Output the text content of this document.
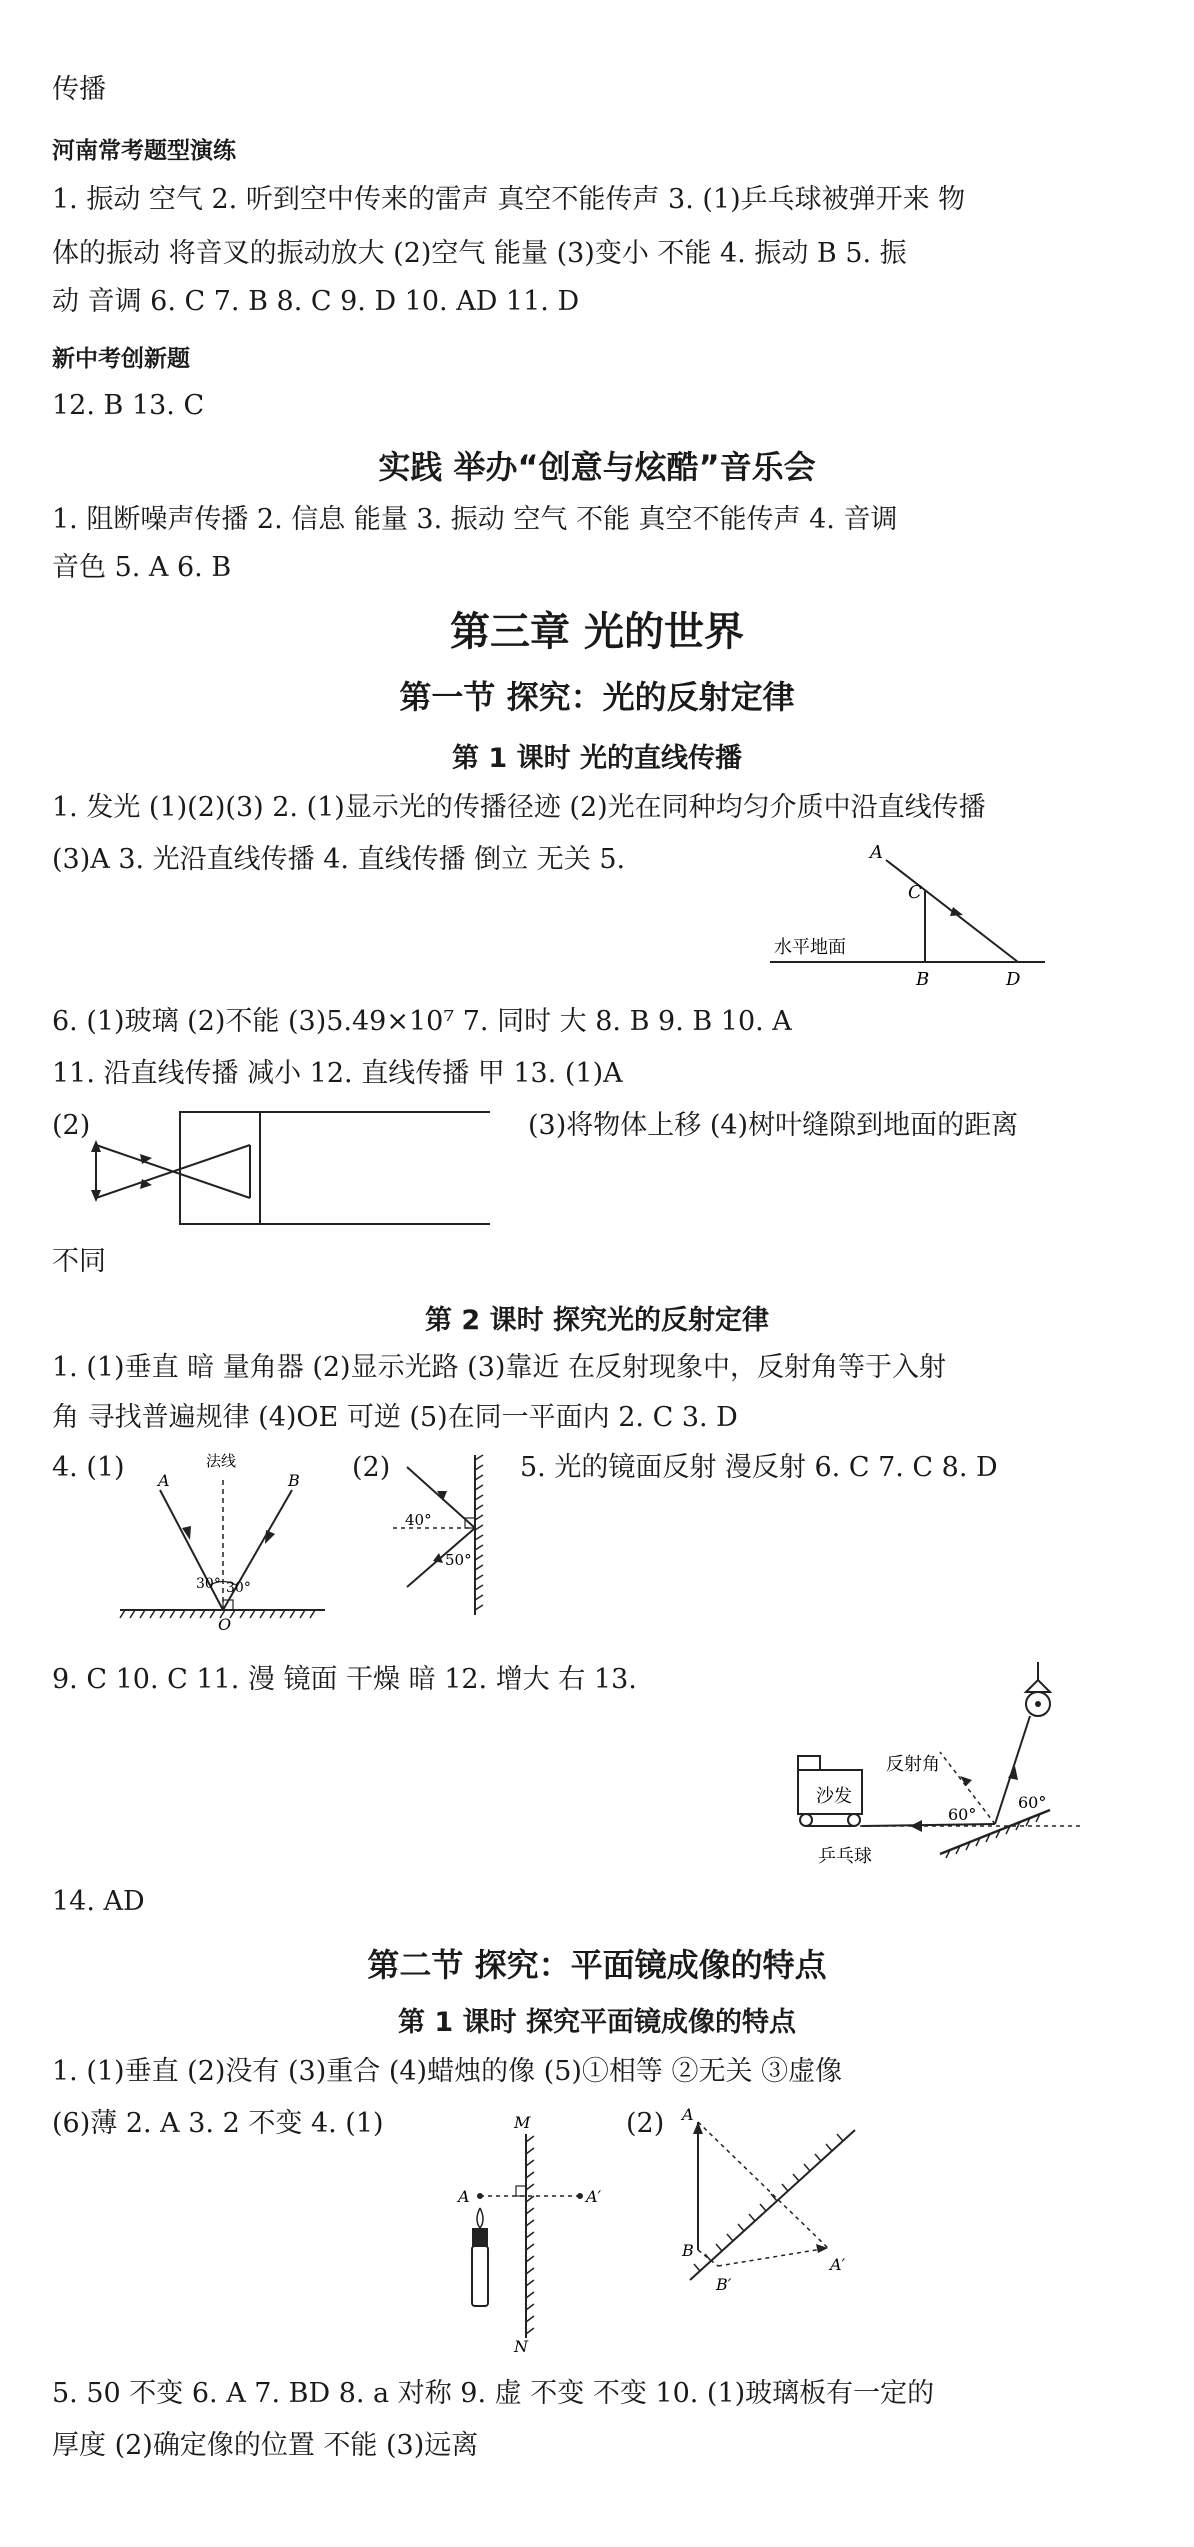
传播
河南常考题型演练
1. 振动 空气 2. 听到空中传来的雷声 真空不能传声 3. (1)乒乓球被弹开来 物
体的振动 将音叉的振动放大 (2)空气 能量 (3)变小 不能 4. 振动 B 5. 振
动 音调 6. C 7. B 8. C 9. D 10. AD 11. D
新中考创新题
12. B 13. C
实践 举办“创意与炫酷”音乐会
1. 阻断噪声传播 2. 信息 能量 3. 振动 空气 不能 真空不能传声 4. 音调
音色 5. A 6. B
第三章 光的世界
第一节 探究：光的反射定律
第 1 课时 光的直线传播
1. 发光 (1)(2)(3) 2. (1)显示光的传播径迹 (2)光在同种均匀介质中沿直线传播
(3)A 3. 光沿直线传播 4. 直线传播 倒立 无关 5.	A
C
B	D
水平地面
6. (1)玻璃 (2)不能 (3)5.49×10⁷ 7. 同时 大 8. B 9. B 10. A
11. 沿直线传播 减小 12. 直线传播 甲 13. (1)A
(2)	(3)将物体上移 (4)树叶缝隙到地面的距离
不同
第 2 课时 探究光的反射定律
1. (1)垂直 暗 量角器 (2)显示光路 (3)靠近 在反射现象中，反射角等于入射
角 寻找普遍规律 (4)OE 可逆 (5)在同一平面内 2. C 3. D
4. (1)	(2)	5. 光的镜面反射 漫反射 6. C 7. C 8. D
A	B
法线
30° 30°
O
40°
50°
9. C 10. C 11. 漫 镜面 干燥 暗 12. 增大 右 13.
沙发
反射角
60°
60°
乒乓球
14. AD
第二节 探究：平面镜成像的特点
第 1 课时 探究平面镜成像的特点
1. (1)垂直 (2)没有 (3)重合 (4)蜡烛的像 (5)①相等 ②无关 ③虚像
(6)薄 2. A 3. 2 不变 4. (1)	(2)
M
N
A	A′
A
B
B′
A′
5. 50 不变 6. A 7. BD 8. a 对称 9. 虚 不变 不变 10. (1)玻璃板有一定的
厚度 (2)确定像的位置 不能 (3)远离
